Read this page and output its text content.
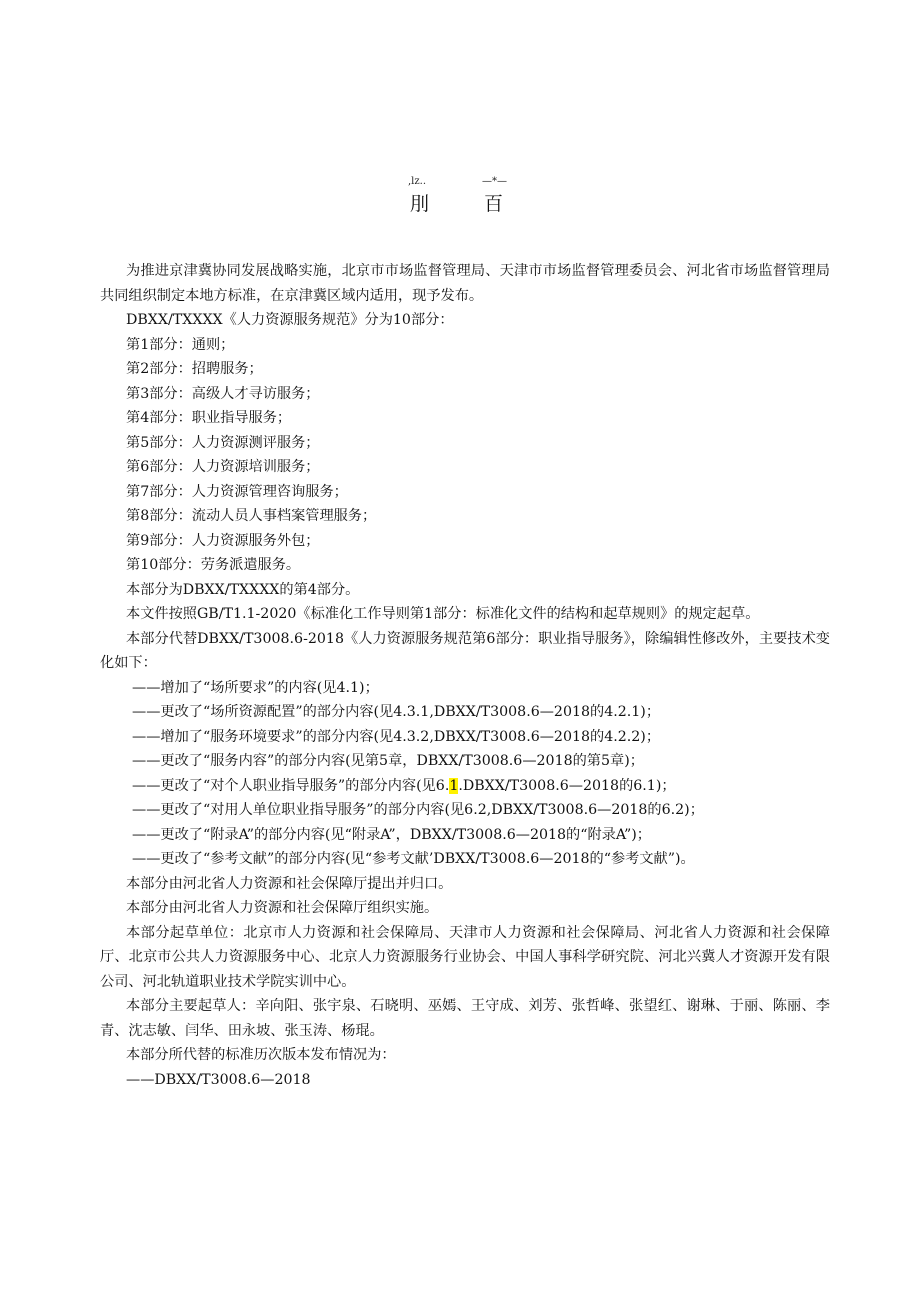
,lz..	—*—
刖	百

为推进京津冀协同发展战略实施，北京市市场监督管理局、天津市市场监督管理委员会、河北省市场监督管理局共同组织制定本地方标准，在京津冀区域内适用，现予发布。

DBXX/TXXXX《人力资源服务规范》分为10部分：

第1部分：通则；

第2部分：招聘服务；

第3部分：高级人才寻访服务；

第4部分：职业指导服务；

第5部分：人力资源测评服务；

第6部分：人力资源培训服务；

第7部分：人力资源管理咨询服务；

第8部分：流动人员人事档案管理服务；

第9部分：人力资源服务外包；

第10部分：劳务派遣服务。

本部分为DBXX/TXXXX的第4部分。

本文件按照GB/T1.1-2020《标准化工作导则第1部分：标准化文件的结构和起草规则》的规定起草。

本部分代替DBXX/T3008.6-2018《人力资源服务规范第6部分：职业指导服务》，除编辑性修改外，主要技术变化如下：

——增加了“场所要求”的内容(见4.1)；

——更改了“场所资源配置”的部分内容(见4.3.1,DBXX/T3008.6—2018的4.2.1)；

——增加了“服务环境要求”的部分内容(见4.3.2,DBXX/T3008.6—2018的4.2.2)；

——更改了“服务内容”的部分内容(见第5章，DBXX/T3008.6—2018的第5章)；

——更改了“对个人职业指导服务”的部分内容(见6.1.DBXX/T3008.6—2018的6.1)；

——更改了“对用人单位职业指导服务”的部分内容(见6.2,DBXX/T3008.6—2018的6.2)；

——更改了“附录A”的部分内容(见“附录A”，DBXX/T3008.6—2018的“附录A”)；

——更改了“参考文献”的部分内容(见“参考文献’DBXX/T3008.6—2018的“参考文献”)。

本部分由河北省人力资源和社会保障厅提出并归口。

本部分由河北省人力资源和社会保障厅组织实施。

本部分起草单位：北京市人力资源和社会保障局、天津市人力资源和社会保障局、河北省人力资源和社会保障厅、北京市公共人力资源服务中心、北京人力资源服务行业协会、中国人事科学研究院、河北兴冀人才资源开发有限公司、河北轨道职业技术学院实训中心。

本部分主要起草人：辛向阳、张宇泉、石晓明、巫嫣、王守成、刘芳、张哲峰、张望红、谢琳、于丽、陈丽、李青、沈志敏、闫华、田永坡、张玉涛、杨琨。

本部分所代替的标准历次版本发布情况为：

——DBXX/T3008.6—2018
